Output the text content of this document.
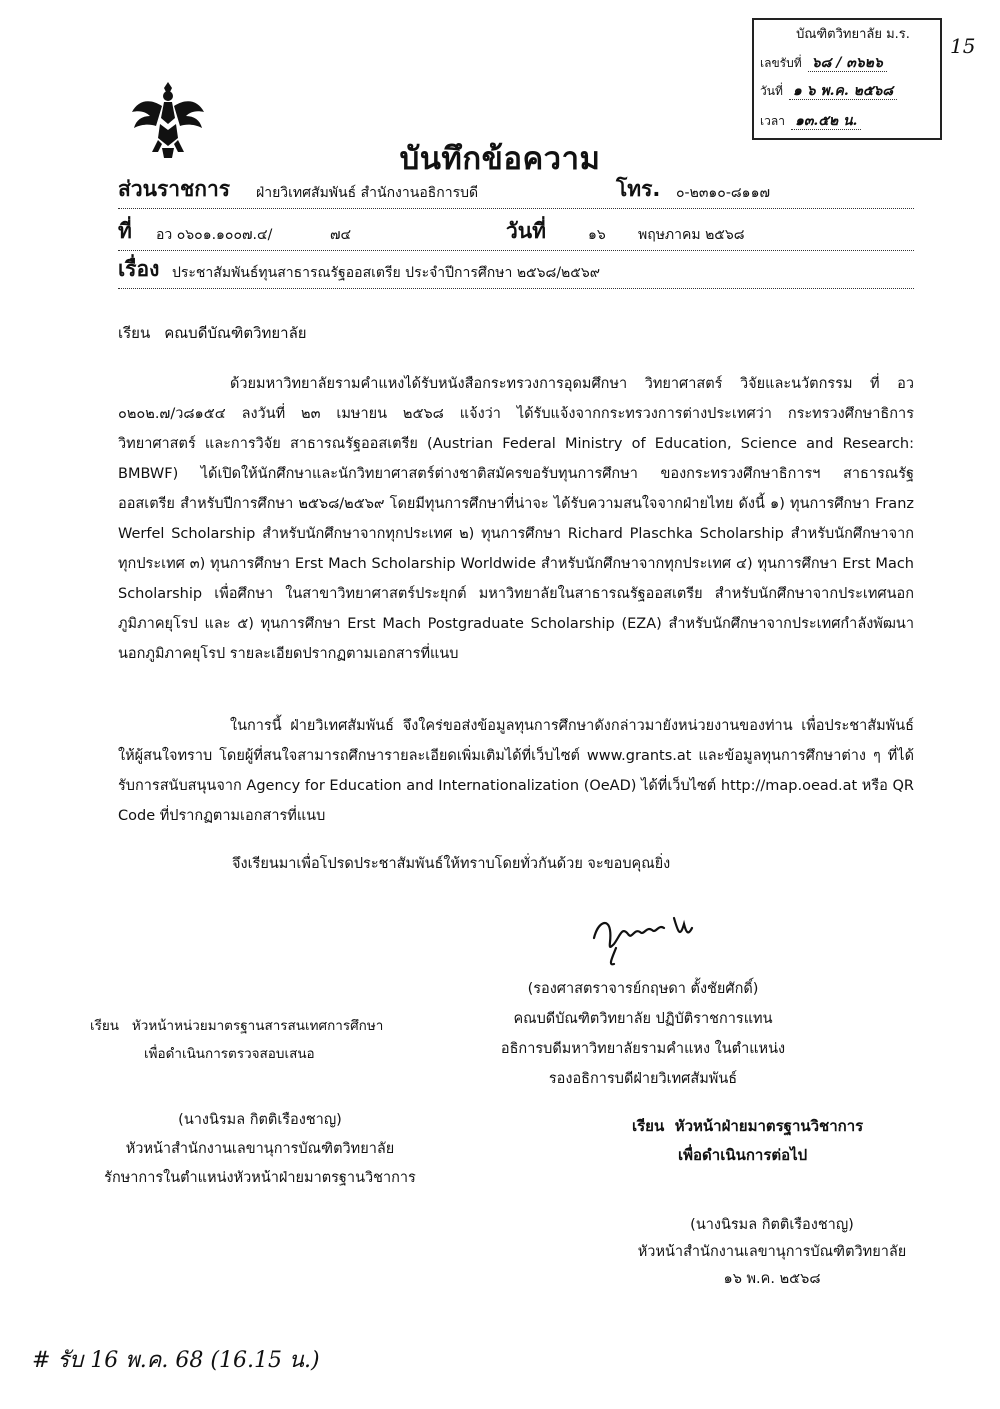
บัณฑิตวิทยาลัย ม.ร.
เลขรับที่ ๖๘ / ๓๖๒๖
วันที่ ๑ ๖ พ.ค. ๒๕๖๘
เวลา ๑๓.๕๒ น.
15
บันทึกข้อความ
ส่วนราชการ ฝ่ายวิเทศสัมพันธ์ สำนักงานอธิการบดี	โทร. ๐-๒๓๑๐-๘๑๑๗
ที่ อว ๐๖๐๑.๑๐๐๗.๔/	๗๔	วันที่	๑๖ พฤษภาคม ๒๕๖๘
เรื่อง ประชาสัมพันธ์ทุนสาธารณรัฐออสเตรีย ประจำปีการศึกษา ๒๕๖๘/๒๕๖๙
เรียน คณบดีบัณฑิตวิทยาลัย

ด้วยมหาวิทยาลัยรามคำแหงได้รับหนังสือกระทรวงการอุดมศึกษา วิทยาศาสตร์ วิจัยและนวัตกรรม ที่ อว ๐๒๐๒.๗/ว๘๑๕๔ ลงวันที่ ๒๓ เมษายน ๒๕๖๘ แจ้งว่า ได้รับแจ้งจากกระทรวงการต่างประเทศว่า กระทรวงศึกษาธิการ วิทยาศาสตร์ และการวิจัย สาธารณรัฐออสเตรีย (Austrian Federal Ministry of Education, Science and Research: BMBWF) ได้เปิดให้นักศึกษาและนักวิทยาศาสตร์ต่างชาติสมัครขอรับทุนการศึกษา ของกระทรวงศึกษาธิการฯ สาธารณรัฐออสเตรีย สำหรับปีการศึกษา ๒๕๖๘/๒๕๖๙ โดยมีทุนการศึกษาที่น่าจะ ได้รับความสนใจจากฝ่ายไทย ดังนี้ ๑) ทุนการศึกษา Franz Werfel Scholarship สำหรับนักศึกษาจากทุกประเทศ ๒) ทุนการศึกษา Richard Plaschka Scholarship สำหรับนักศึกษาจากทุกประเทศ ๓) ทุนการศึกษา Erst Mach Scholarship Worldwide สำหรับนักศึกษาจากทุกประเทศ ๔) ทุนการศึกษา Erst Mach Scholarship เพื่อศึกษา ในสาขาวิทยาศาสตร์ประยุกต์ มหาวิทยาลัยในสาธารณรัฐออสเตรีย สำหรับนักศึกษาจากประเทศนอกภูมิภาคยุโรป และ ๕) ทุนการศึกษา Erst Mach Postgraduate Scholarship (EZA) สำหรับนักศึกษาจากประเทศกำลังพัฒนา นอกภูมิภาคยุโรป รายละเอียดปรากฏตามเอกสารที่แนบ

ในการนี้ ฝ่ายวิเทศสัมพันธ์ จึงใคร่ขอส่งข้อมูลทุนการศึกษาดังกล่าวมายังหน่วยงานของท่าน เพื่อประชาสัมพันธ์ให้ผู้สนใจทราบ โดยผู้ที่สนใจสามารถศึกษารายละเอียดเพิ่มเติมได้ที่เว็บไซต์ www.grants.at และข้อมูลทุนการศึกษาต่าง ๆ ที่ได้รับการสนับสนุนจาก Agency for Education and Internationalization (OeAD) ได้ที่เว็บไซต์ http://map.oead.at หรือ QR Code ที่ปรากฏตามเอกสารที่แนบ

จึงเรียนมาเพื่อโปรดประชาสัมพันธ์ให้ทราบโดยทั่วกันด้วย จะขอบคุณยิ่ง
(รองศาสตราจารย์กฤษดา ตั้งชัยศักดิ์)
คณบดีบัณฑิตวิทยาลัย ปฏิบัติราชการแทน
อธิการบดีมหาวิทยาลัยรามคำแหง ในตำแหน่ง
รองอธิการบดีฝ่ายวิเทศสัมพันธ์
เรียน หัวหน้าหน่วยมาตรฐานสารสนเทศการศึกษา
เพื่อดำเนินการตรวจสอบเสนอ
(นางนิรมล กิตติเรืองชาญ)
หัวหน้าสำนักงานเลขานุการบัณฑิตวิทยาลัย
รักษาการในตำแหน่งหัวหน้าฝ่ายมาตรฐานวิชาการ
เรียน หัวหน้าฝ่ายมาตรฐานวิชาการ
เพื่อดำเนินการต่อไป
(นางนิรมล กิตติเรืองชาญ)
หัวหน้าสำนักงานเลขานุการบัณฑิตวิทยาลัย
๑๖ พ.ค. ๒๕๖๘
# รับ 16 พ.ค. 68 (16.15 น.)
